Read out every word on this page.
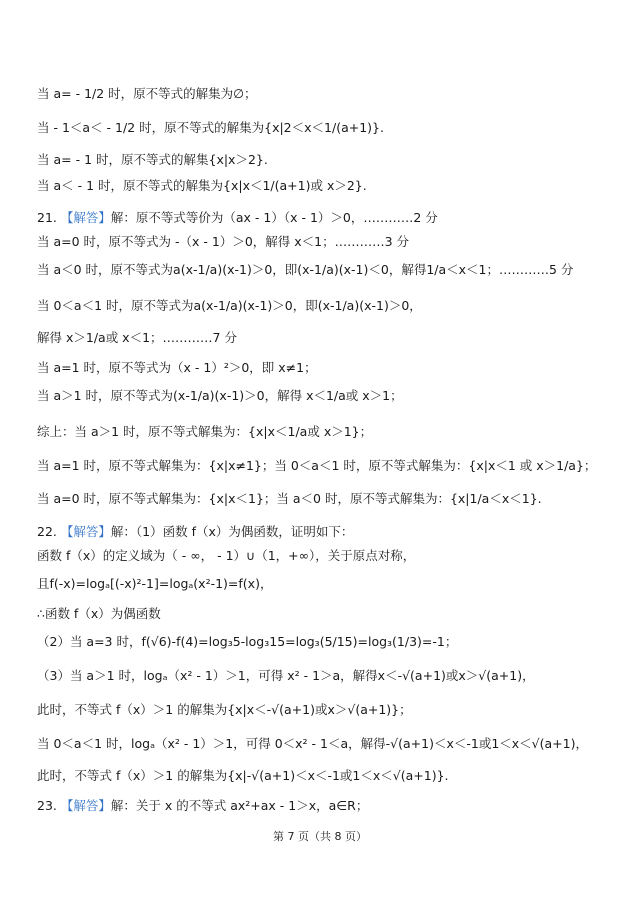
当 a= - 1/2 时，原不等式的解集为∅；
当 - 1＜a＜ - 1/2 时，原不等式的解集为{x|2＜x＜1/(a+1)}.
当 a= - 1 时，原不等式的解集{x|x＞2}.
当 a＜ - 1 时，原不等式的解集为{x|x＜1/(a+1)或 x＞2}.
21. 【解答】解：原不等式等价为（ax - 1）（x - 1）＞0，…………2 分
当 a=0 时，原不等式为 -（x - 1）＞0，解得 x＜1；…………3 分
当 a＜0 时，原不等式为a(x-1/a)(x-1)＞0，即(x-1/a)(x-1)＜0，解得1/a＜x＜1；…………5 分
当 0＜a＜1 时，原不等式为a(x-1/a)(x-1)＞0，即(x-1/a)(x-1)＞0，
解得 x＞1/a或 x＜1；…………7 分
当 a=1 时，原不等式为（x - 1）²＞0，即 x≠1；
当 a＞1 时，原不等式为(x-1/a)(x-1)＞0，解得 x＜1/a或 x＞1；
综上：当 a＞1 时，原不等式解集为：{x|x＜1/a或 x＞1}；
当 a=1 时，原不等式解集为：{x|x≠1}；当 0＜a＜1 时，原不等式解集为：{x|x＜1 或 x＞1/a}；
当 a=0 时，原不等式解集为：{x|x＜1}；当 a＜0 时，原不等式解集为：{x|1/a＜x＜1}.
22. 【解答】解：（1）函数 f（x）为偶函数，证明如下：
函数 f（x）的定义域为（ - ∞， - 1）∪（1，+∞），关于原点对称，
且f(-x)=logₐ[(-x)²-1]=logₐ(x²-1)=f(x)，
∴函数 f（x）为偶函数
（2）当 a=3 时，f(√6)-f(4)=log₃5-log₃15=log₃(5/15)=log₃(1/3)=-1；
（3）当 a＞1 时，logₐ（x² - 1）＞1，可得 x² - 1＞a，解得x＜-√(a+1)或x＞√(a+1)，
此时，不等式 f（x）＞1 的解集为{x|x＜-√(a+1)或x＞√(a+1)}；
当 0＜a＜1 时，logₐ（x² - 1）＞1，可得 0＜x² - 1＜a，解得-√(a+1)＜x＜-1或1＜x＜√(a+1)，
此时，不等式 f（x）＞1 的解集为{x|-√(a+1)＜x＜-1或1＜x＜√(a+1)}.
23. 【解答】解：关于 x 的不等式 ax²+ax - 1＞x，a∈R；
第 7 页（共 8 页）
